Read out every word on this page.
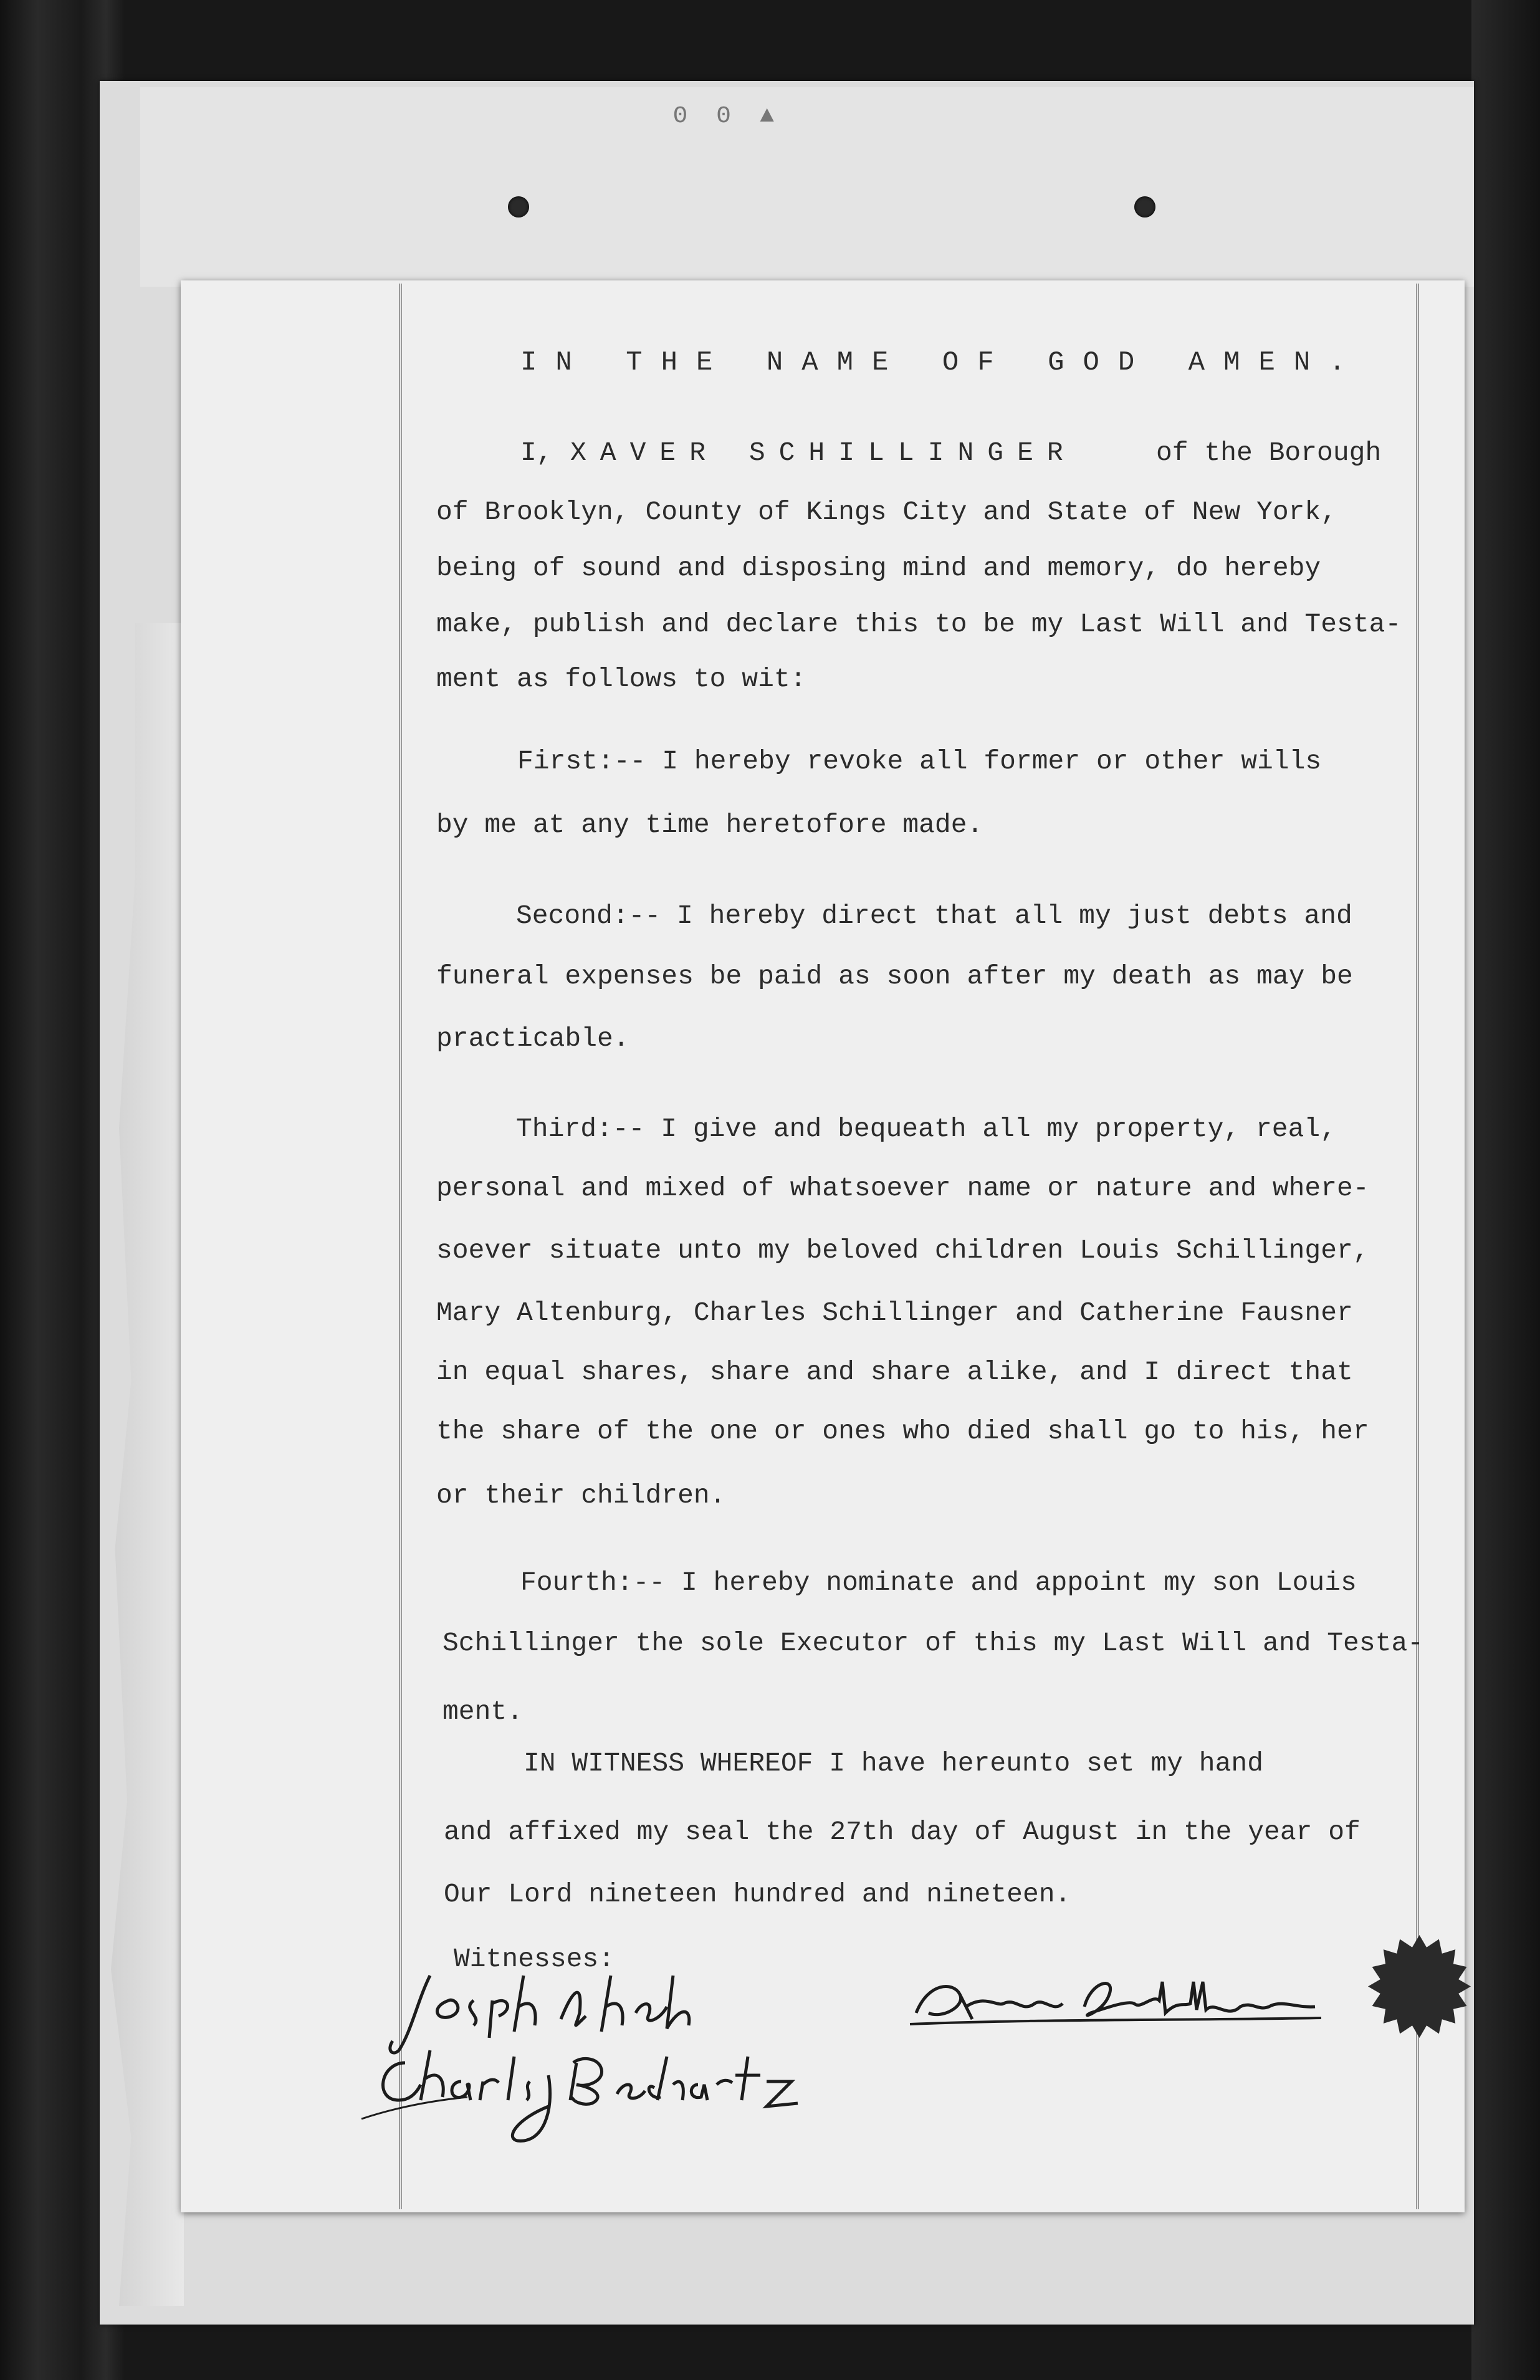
ʘ ʘ ▲
IN THE NAME OF GOD AMEN.
I, XAVER SCHILLINGER	of the Borough
of Brooklyn, County of Kings City and State of New York,
being of sound and disposing mind and memory, do hereby
make, publish and declare this to be my Last Will and Testa-
ment as follows to wit:
First:-- I hereby revoke all former or other wills
by me at any time heretofore made.
Second:-- I hereby direct that all my just debts and
funeral expenses be paid as soon after my death as may be
practicable.
Third:-- I give and bequeath all my property, real,
personal and mixed of whatsoever name or nature and where-
soever situate unto my beloved children Louis Schillinger,
Mary Altenburg, Charles Schillinger and Catherine Fausner
in equal shares, share and share alike, and I direct that
the share of the one or ones who died shall go to his, her
or their children.
Fourth:-- I hereby nominate and appoint my son Louis
Schillinger the sole Executor of this my Last Will and Testa-
ment.
IN WITNESS WHEREOF I have hereunto set my hand
and affixed my seal the 27th day of August in the year of
Our Lord nineteen hundred and nineteen.
Witnesses:
